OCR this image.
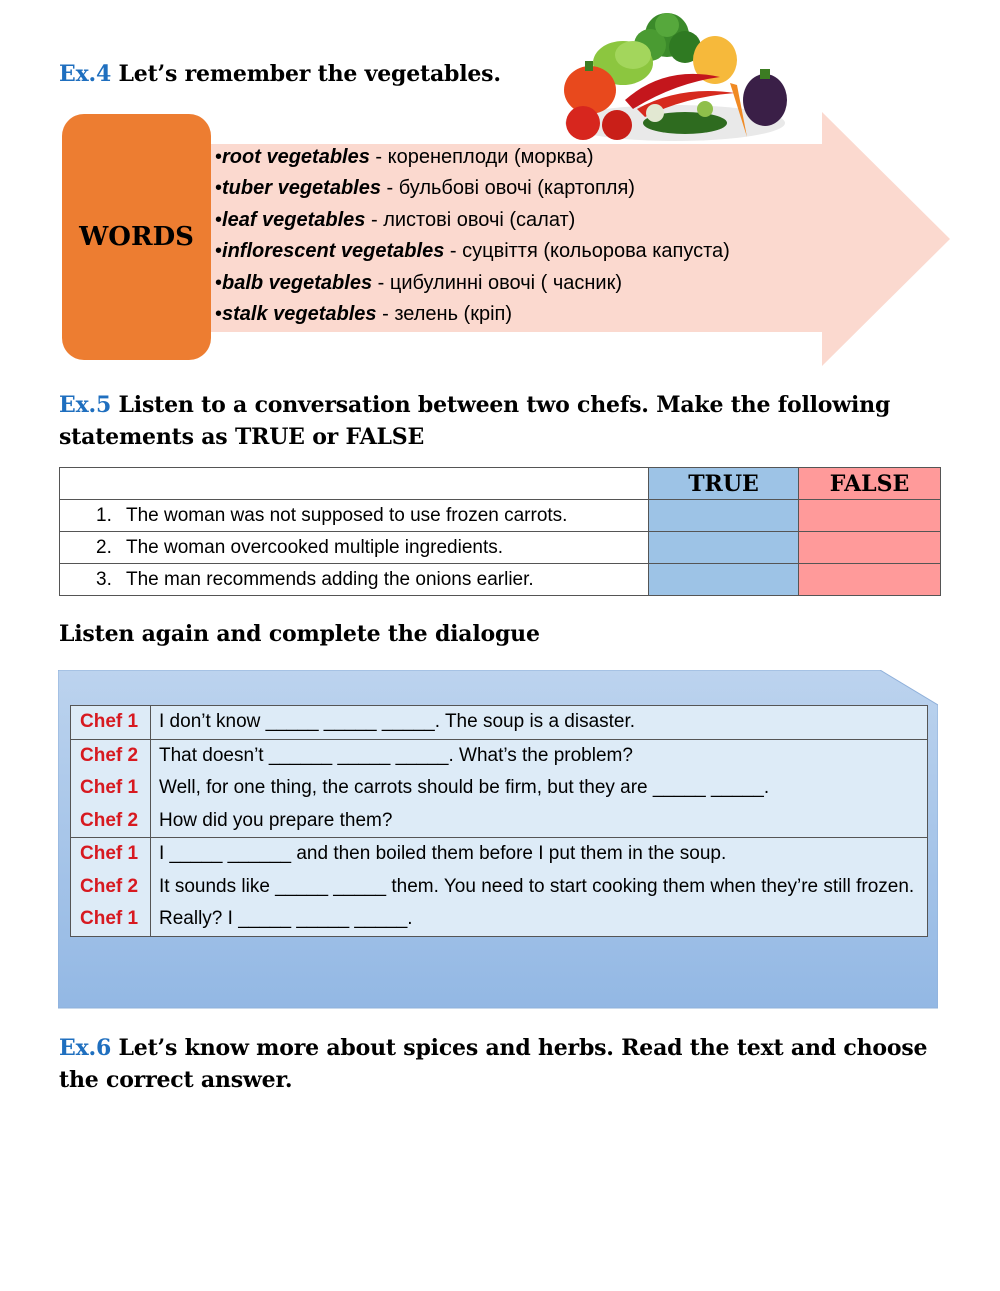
Ex.4 Let’s remember the vegetables.
WORDS
•root vegetables - коренеплоди (морква)
•tuber vegetables - бульбові овочі (картопля)
•leaf vegetables - листові овочі (салат)
•inflorescent vegetables - суцвіття (кольорова капуста)
•balb vegetables - цибулинні овочі ( часник)
•stalk vegetables - зелень (кріп)
Ex.5 Listen to a conversation between two chefs. Make the following statements as TRUE or FALSE
	TRUE	FALSE
1. The woman was not supposed to use frozen carrots.		
2. The woman overcooked multiple ingredients.		
3. The man recommends adding the onions earlier.		
Listen again and complete the dialogue
Chef 1	I don’t know _____ _____ _____. The soup is a disaster.
Chef 2	That doesn’t ______ _____ _____. What’s the problem?
Chef 1	Well, for one thing, the carrots should be firm, but they are _____ _____.
Chef 2	How did you prepare them?
Chef 1	I _____ ______ and then boiled them before I put them in the soup.
Chef 2	It sounds like _____ _____ them. You need to start cooking them when they’re still frozen.
Chef 1	Really? I _____ _____ _____.
Ex.6 Let’s know more about spices and herbs. Read the text and choose the correct answer.
